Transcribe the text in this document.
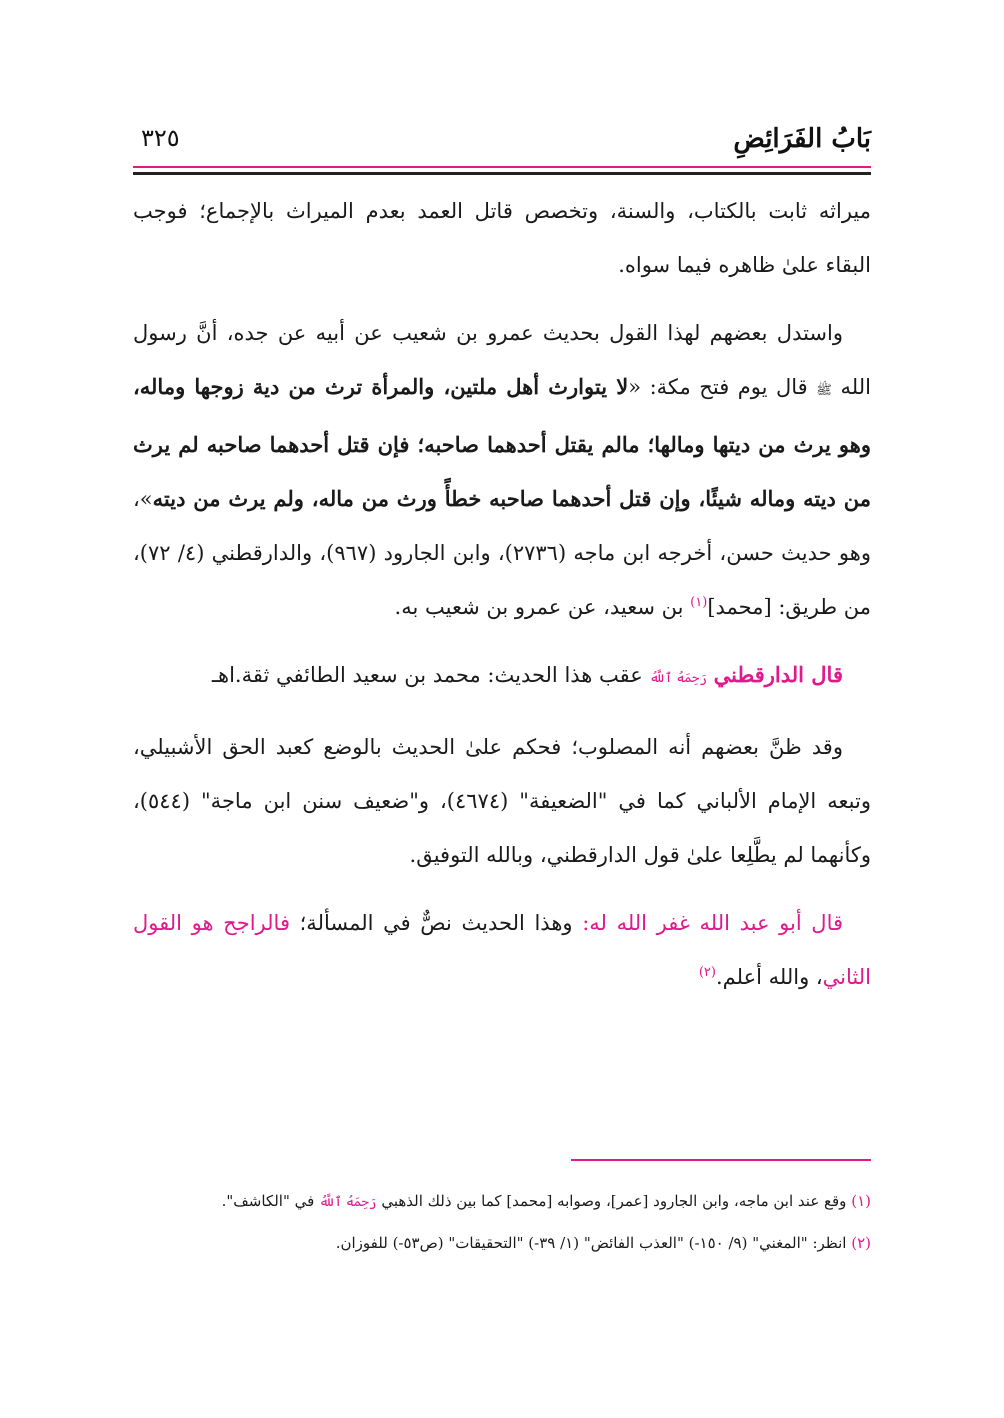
بَابُ الفَرَائِضِ
٣٢٥

ميراثه ثابت بالكتاب، والسنة، وتخصص قاتل العمد بعدم الميراث بالإجماع؛ فوجب البقاء علىٰ ظاهره فيما سواه.

واستدل بعضهم لهذا القول بحديث عمرو بن شعيب عن أبيه عن جده، أنَّ رسول الله ﷺ قال يوم فتح مكة: «لا يتوارث أهل ملتين، والمرأة ترث من دية زوجها وماله، وهو يرث من ديتها ومالها؛ مالم يقتل أحدهما صاحبه؛ فإن قتل أحدهما صاحبه لم يرث من ديته وماله شيئًا، وإن قتل أحدهما صاحبه خطأً ورث من ماله، ولم يرث من ديته»، وهو حديث حسن، أخرجه ابن ماجه (٢٧٣٦)، وابن الجارود (٩٦٧)، والدارقطني (٤/ ٧٢)، من طريق: [محمد]$^{(١)}$ بن سعيد، عن عمرو بن شعيب به.

قال الدارقطني رَحِمَهُ ٱللَّهُ عقب هذا الحديث: محمد بن سعيد الطائفي ثقة.اهـ

وقد ظنَّ بعضهم أنه المصلوب؛ فحكم علىٰ الحديث بالوضع كعبد الحق الأشبيلي، وتبعه الإمام الألباني كما في "الضعيفة" (٤٦٧٤)، و"ضعيف سنن ابن ماجة" (٥٤٤)، وكأنهما لم يطَّلِعا علىٰ قول الدارقطني، وبالله التوفيق.

قال أبو عبد الله غفر الله له: وهذا الحديث نصٌّ في المسألة؛ فالراجح هو القول الثاني، والله أعلم.$^{(٢)}$

(١) وقع عند ابن ماجه، وابن الجارود [عمر]، وصوابه [محمد] كما بين ذلك الذهبي رَحِمَهُ ٱللَّهُ في "الكاشف".

(٢) انظر: "المغني" (٩/ ١٥٠-) "العذب الفائض" (١/ ٣٩-) "التحقيقات" (ص٥٣-) للفوزان.
